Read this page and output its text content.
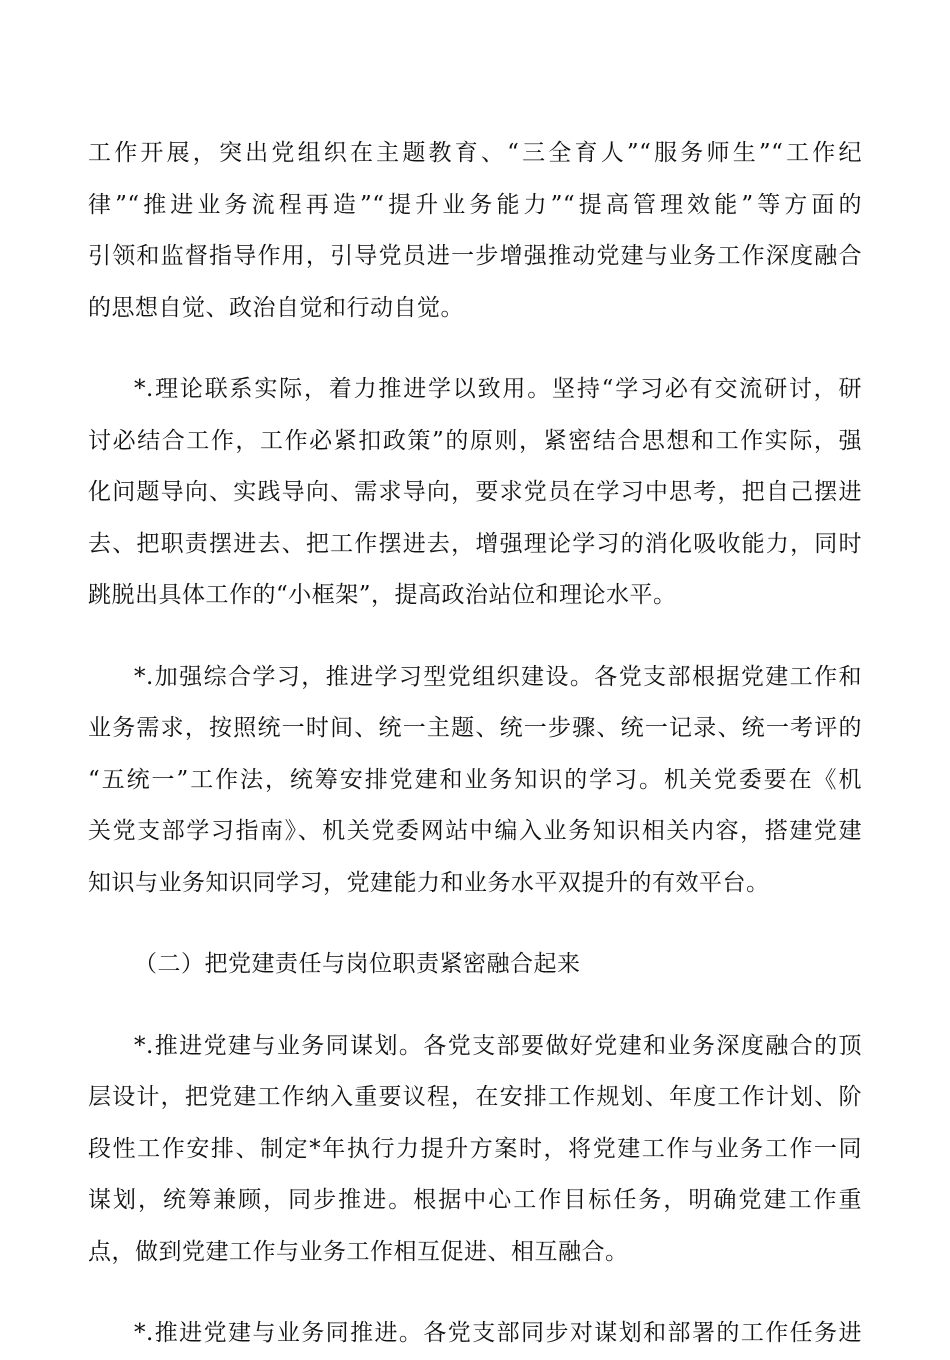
工作开展，突出党组织在主题教育、“三全育人”“服务师生”“工作纪
律”“推进业务流程再造”“提升业务能力”“提高管理效能”等方面的
引领和监督指导作用，引导党员进一步增强推动党建与业务工作深度融合
的思想自觉、政治自觉和行动自觉。
*.理论联系实际，着力推进学以致用。坚持“学习必有交流研讨，研
讨必结合工作，工作必紧扣政策”的原则，紧密结合思想和工作实际，强
化问题导向、实践导向、需求导向，要求党员在学习中思考，把自己摆进
去、把职责摆进去、把工作摆进去，增强理论学习的消化吸收能力，同时
跳脱出具体工作的“小框架”，提高政治站位和理论水平。
*.加强综合学习，推进学习型党组织建设。各党支部根据党建工作和
业务需求，按照统一时间、统一主题、统一步骤、统一记录、统一考评的
“五统一”工作法，统筹安排党建和业务知识的学习。机关党委要在《机
关党支部学习指南》、机关党委网站中编入业务知识相关内容，搭建党建
知识与业务知识同学习，党建能力和业务水平双提升的有效平台。
（二）把党建责任与岗位职责紧密融合起来
*.推进党建与业务同谋划。各党支部要做好党建和业务深度融合的顶
层设计，把党建工作纳入重要议程，在安排工作规划、年度工作计划、阶
段性工作安排、制定*年执行力提升方案时，将党建工作与业务工作一同
谋划，统筹兼顾，同步推进。根据中心工作目标任务，明确党建工作重
点，做到党建工作与业务工作相互促进、相互融合。
*.推进党建与业务同推进。各党支部同步对谋划和部署的工作任务进
